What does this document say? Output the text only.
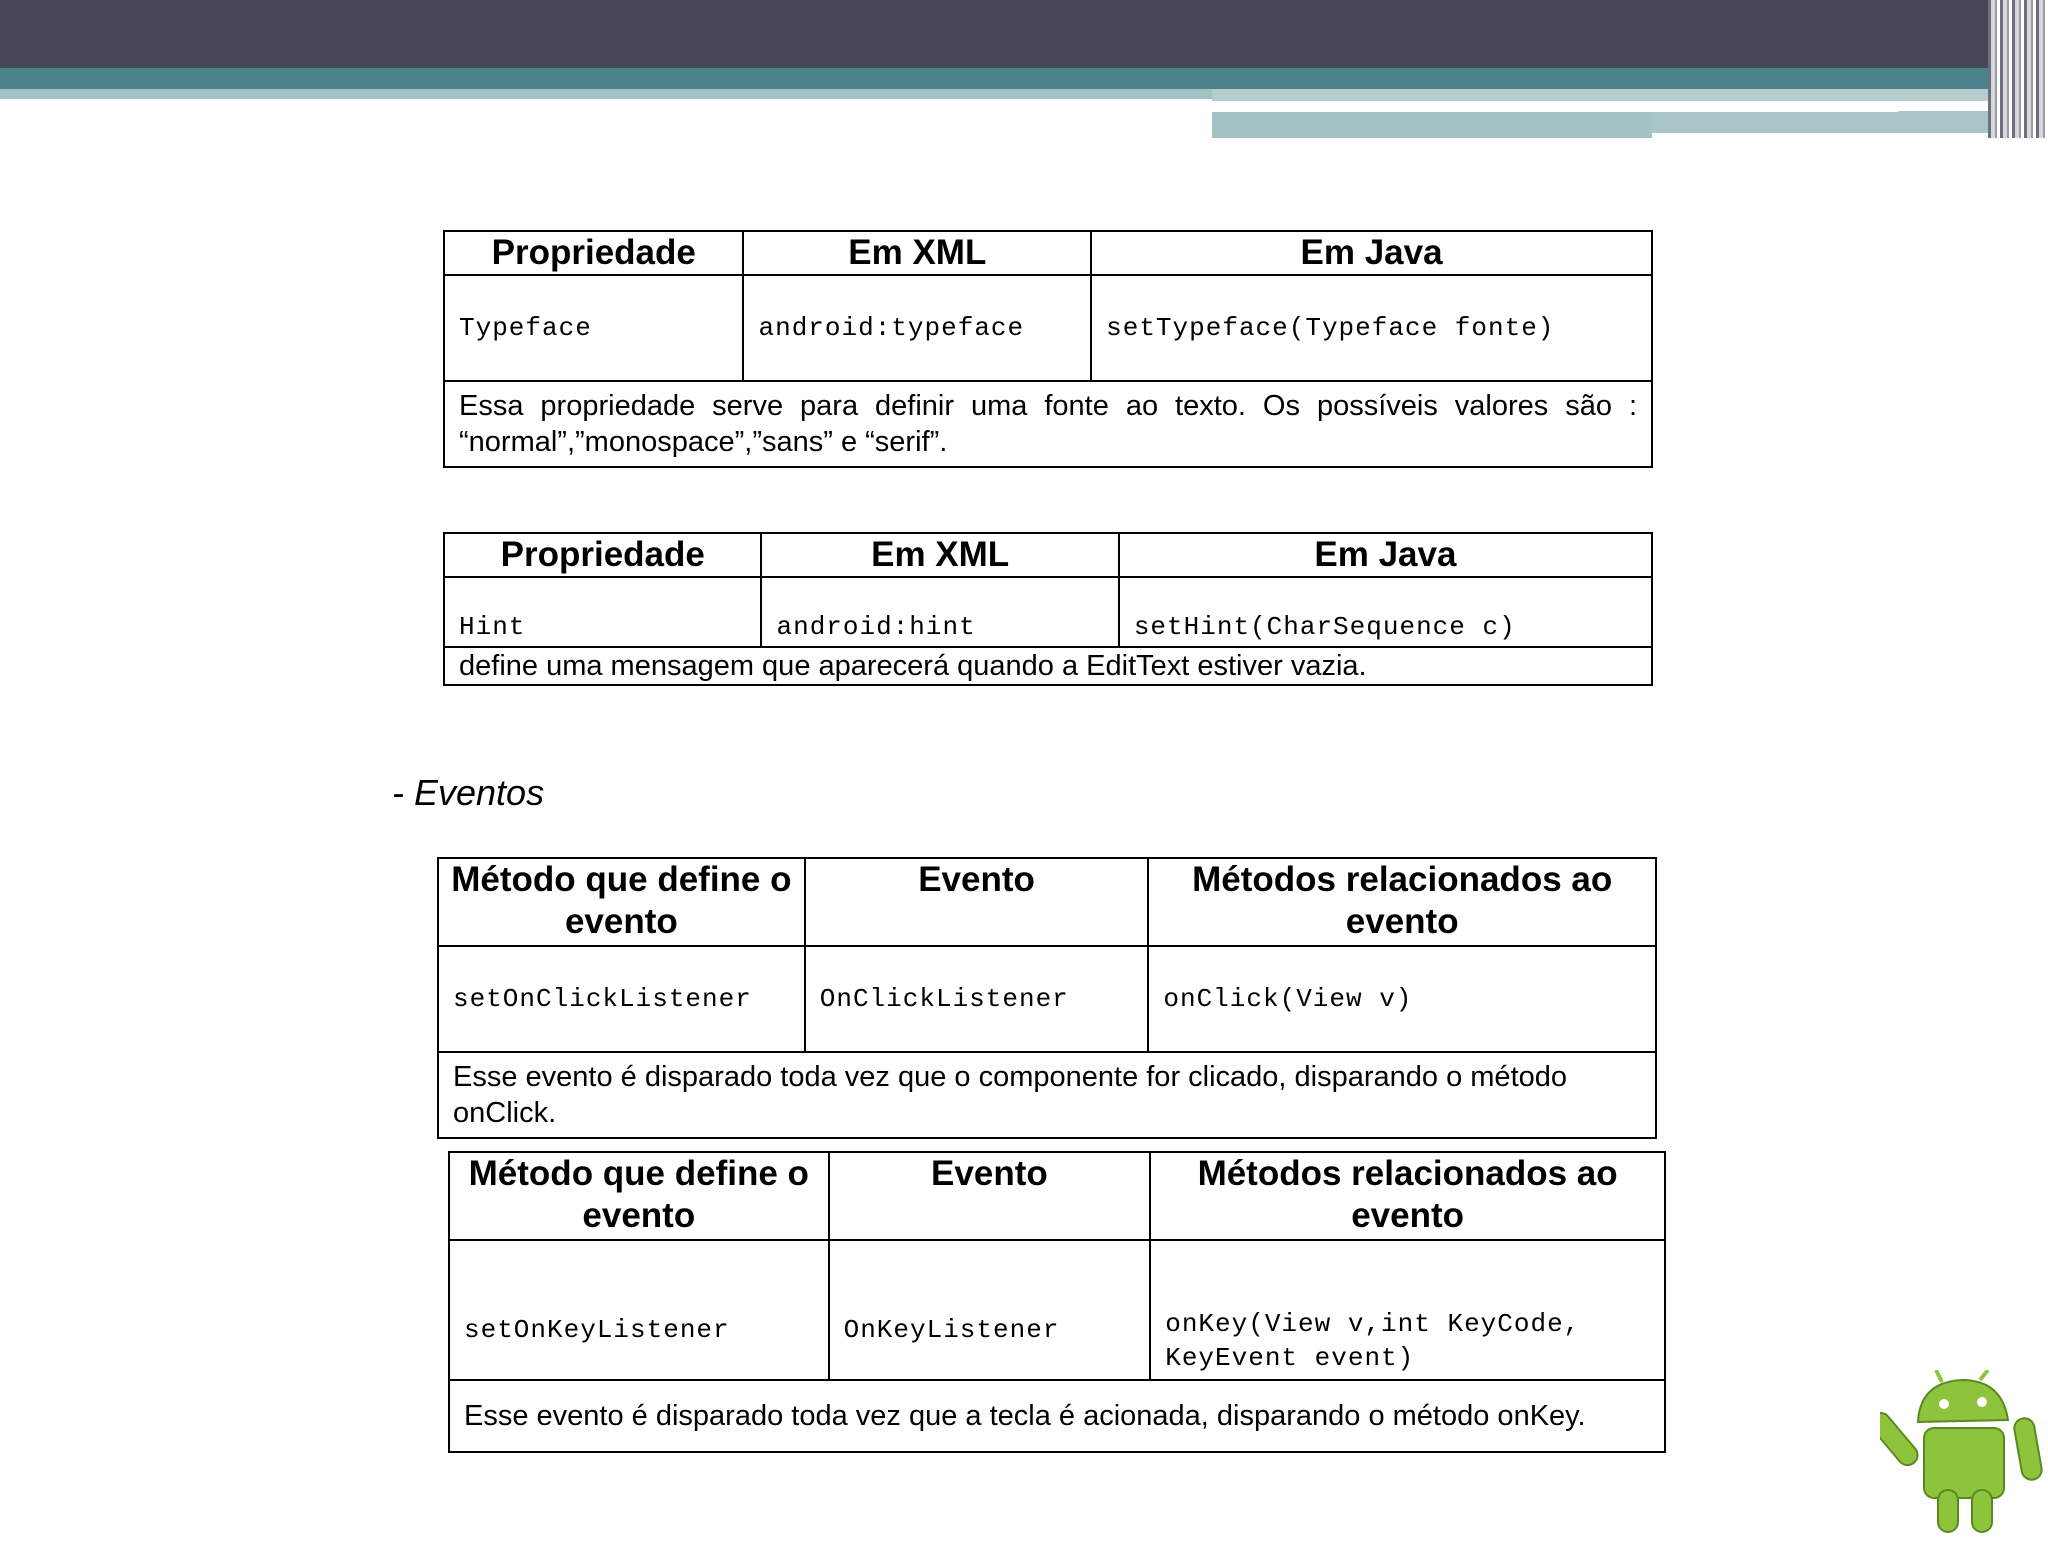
Propriedade	Em XML	Em Java
Typeface	android:typeface	setTypeface(Typeface fonte)
Essa propriedade serve para definir uma fonte ao texto. Os possíveis valores são : “normal”,”monospace”,”sans” e “serif”.		
Propriedade	Em XML	Em Java
Hint	android:hint	setHint(CharSequence c)
define uma mensagem que aparecerá quando a EditText estiver vazia.		
- Eventos
Método que define o evento	Evento	Métodos relacionados ao evento
setOnClickListener	OnClickListener	onClick(View v)
Esse evento é disparado toda vez que o componente for clicado, disparando o método onClick.		
Método que define o evento	Evento	Métodos relacionados ao evento
setOnKeyListener	OnKeyListener	onKey(View v,int KeyCode, KeyEvent event)
Esse evento é disparado toda vez que a tecla é acionada, disparando o método onKey.		
